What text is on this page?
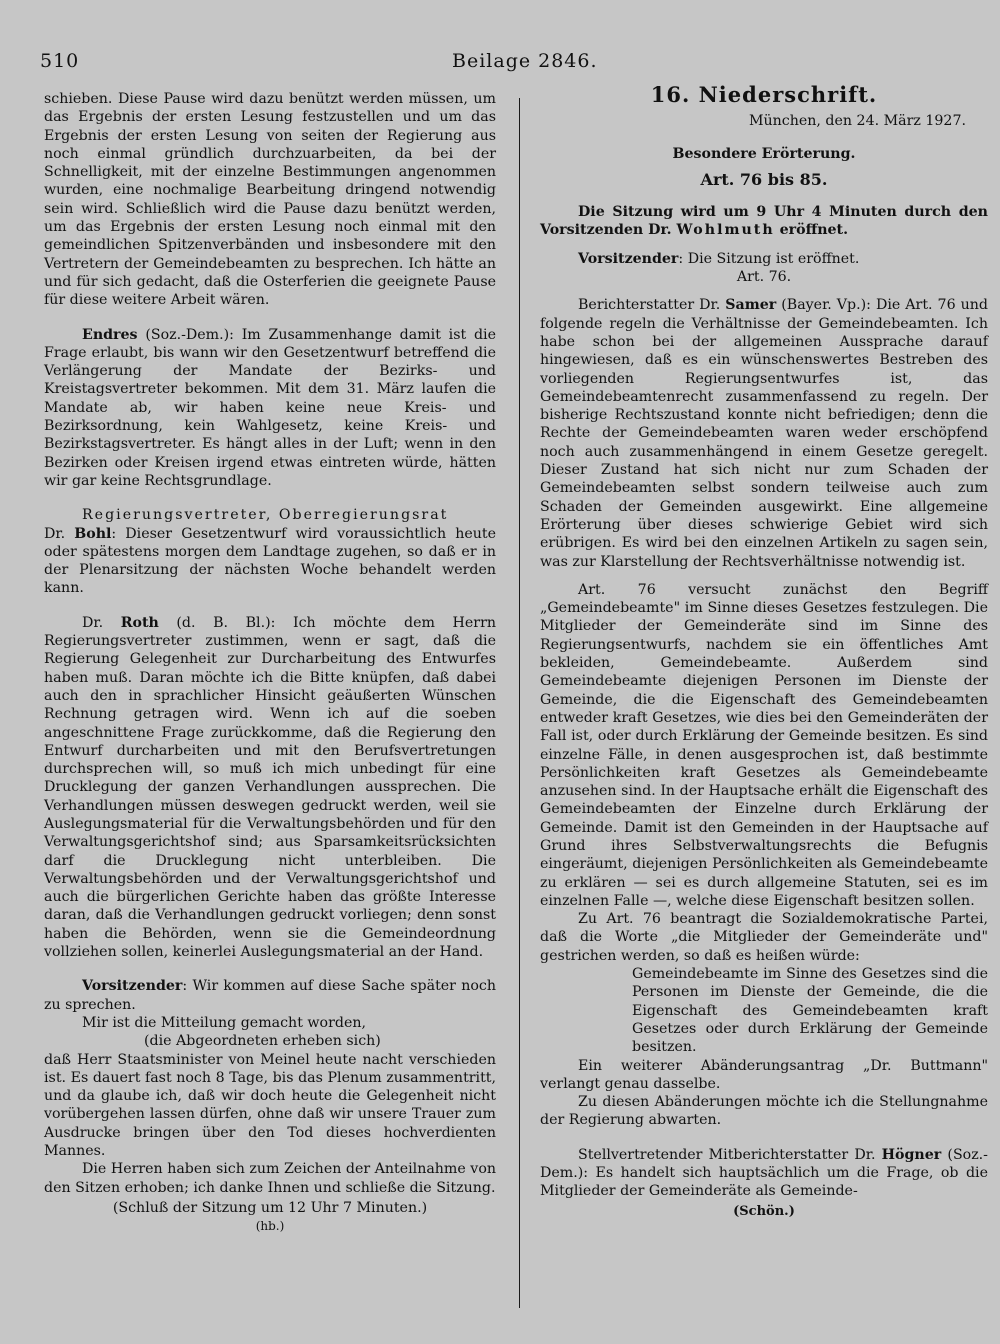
510	Beilage 2846.

schieben. Diese Pause wird dazu benützt werden müssen, um das Ergebnis der ersten Lesung festzustellen und um das Ergebnis der ersten Lesung von seiten der Regierung aus noch einmal gründlich durchzuarbeiten, da bei der Schnelligkeit, mit der einzelne Bestimmungen angenommen wurden, eine nochmalige Bearbeitung dringend notwendig sein wird. Schließlich wird die Pause dazu benützt werden, um das Ergebnis der ersten Lesung noch einmal mit den gemeindlichen Spitzenverbänden und insbesondere mit den Vertretern der Gemeindebeamten zu besprechen. Ich hätte an und für sich gedacht, daß die Osterferien die geeignete Pause für diese weitere Arbeit wären.

Endres (Soz.-Dem.): Im Zusammenhange damit ist die Frage erlaubt, bis wann wir den Gesetzentwurf betreffend die Verlängerung der Mandate der Bezirks- und Kreistagsvertreter bekommen. Mit dem 31. März laufen die Mandate ab, wir haben keine neue Kreis- und Bezirksordnung, kein Wahlgesetz, keine Kreis- und Bezirkstagsvertreter. Es hängt alles in der Luft; wenn in den Bezirken oder Kreisen irgend etwas eintreten würde, hätten wir gar keine Rechtsgrundlage.

Regierungsvertreter, Oberregierungsrat
Dr. Bohl: Dieser Gesetzentwurf wird voraussichtlich heute oder spätestens morgen dem Landtage zugehen, so daß er in der Plenarsitzung der nächsten Woche behandelt werden kann.

Dr. Roth (d. B. Bl.): Ich möchte dem Herrn Regierungsvertreter zustimmen, wenn er sagt, daß die Regierung Gelegenheit zur Durcharbeitung des Entwurfes haben muß. Daran möchte ich die Bitte knüpfen, daß dabei auch den in sprachlicher Hinsicht geäußerten Wünschen Rechnung getragen wird. Wenn ich auf die soeben angeschnittene Frage zurückkomme, daß die Regierung den Entwurf durcharbeiten und mit den Berufsvertretungen durchsprechen will, so muß ich mich unbedingt für eine Drucklegung der ganzen Verhandlungen aussprechen. Die Verhandlungen müssen deswegen gedruckt werden, weil sie Auslegungsmaterial für die Verwaltungsbehörden und für den Verwaltungsgerichtshof sind; aus Sparsamkeitsrücksichten darf die Drucklegung nicht unterbleiben. Die Verwaltungsbehörden und der Verwaltungsgerichtshof und auch die bürgerlichen Gerichte haben das größte Interesse daran, daß die Verhandlungen gedruckt vorliegen; denn sonst haben die Behörden, wenn sie die Gemeindeordnung vollziehen sollen, keinerlei Auslegungsmaterial an der Hand.

Vorsitzender: Wir kommen auf diese Sache später noch zu sprechen.

Mir ist die Mitteilung gemacht worden,

(die Abgeordneten erheben sich)

daß Herr Staatsminister von Meinel heute nacht verschieden ist. Es dauert fast noch 8 Tage, bis das Plenum zusammentritt, und da glaube ich, daß wir doch heute die Gelegenheit nicht vorübergehen lassen dürfen, ohne daß wir unsere Trauer zum Ausdrucke bringen über den Tod dieses hochverdienten Mannes.

Die Herren haben sich zum Zeichen der Anteilnahme von den Sitzen erhoben; ich danke Ihnen und schließe die Sitzung.

(Schluß der Sitzung um 12 Uhr 7 Minuten.)

(hb.)

16. Niederschrift.
München, den 24. März 1927.
Besondere Erörterung.
Art. 76 bis 85.

Die Sitzung wird um 9 Uhr 4 Minuten durch den Vorsitzenden Dr. Wohlmuth eröffnet.

Vorsitzender: Die Sitzung ist eröffnet.

Art. 76.

Berichterstatter Dr. Samer (Bayer. Vp.): Die Art. 76 und folgende regeln die Verhältnisse der Gemeindebeamten. Ich habe schon bei der allgemeinen Aussprache darauf hingewiesen, daß es ein wünschenswertes Bestreben des vorliegenden Regierungsentwurfes ist, das Gemeindebeamtenrecht zusammenfassend zu regeln. Der bisherige Rechtszustand konnte nicht befriedigen; denn die Rechte der Gemeindebeamten waren weder erschöpfend noch auch zusammenhängend in einem Gesetze geregelt. Dieser Zustand hat sich nicht nur zum Schaden der Gemeindebeamten selbst sondern teilweise auch zum Schaden der Gemeinden ausgewirkt. Eine allgemeine Erörterung über dieses schwierige Gebiet wird sich erübrigen. Es wird bei den einzelnen Artikeln zu sagen sein, was zur Klarstellung der Rechtsverhältnisse notwendig ist.

Art. 76 versucht zunächst den Begriff „Gemeindebeamte" im Sinne dieses Gesetzes festzulegen. Die Mitglieder der Gemeinderäte sind im Sinne des Regierungsentwurfs, nachdem sie ein öffentliches Amt bekleiden, Gemeindebeamte. Außerdem sind Gemeindebeamte diejenigen Personen im Dienste der Gemeinde, die die Eigenschaft des Gemeindebeamten entweder kraft Gesetzes, wie dies bei den Gemeinderäten der Fall ist, oder durch Erklärung der Gemeinde besitzen. Es sind einzelne Fälle, in denen ausgesprochen ist, daß bestimmte Persönlichkeiten kraft Gesetzes als Gemeindebeamte anzusehen sind. In der Hauptsache erhält die Eigenschaft des Gemeindebeamten der Einzelne durch Erklärung der Gemeinde. Damit ist den Gemeinden in der Hauptsache auf Grund ihres Selbstverwaltungsrechts die Befugnis eingeräumt, diejenigen Persönlichkeiten als Gemeindebeamte zu erklären — sei es durch allgemeine Statuten, sei es im einzelnen Falle —, welche diese Eigenschaft besitzen sollen.

Zu Art. 76 beantragt die Sozialdemokratische Partei, daß die Worte „die Mitglieder der Gemeinderäte und" gestrichen werden, so daß es heißen würde:

Gemeindebeamte im Sinne des Gesetzes sind die Personen im Dienste der Gemeinde, die die Eigenschaft des Gemeindebeamten kraft Gesetzes oder durch Erklärung der Gemeinde besitzen.

Ein weiterer Abänderungsantrag „Dr. Buttmann" verlangt genau dasselbe.

Zu diesen Abänderungen möchte ich die Stellungnahme der Regierung abwarten.

Stellvertretender Mitberichterstatter Dr. Högner (Soz.-Dem.): Es handelt sich hauptsächlich um die Frage, ob die Mitglieder der Gemeinderäte als Gemeinde-

(Schön.)
